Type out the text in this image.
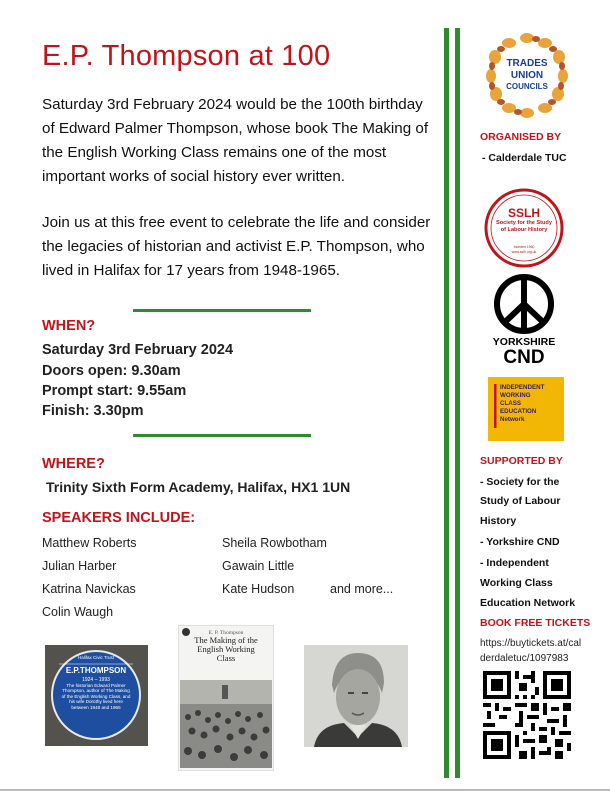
E.P. Thompson at 100
Saturday 3rd February 2024 would be the 100th birthday of Edward Palmer Thompson, whose book The Making of the English Working Class remains one of the most important works of social history ever written.
Join us at this free event to celebrate the life and consider the legacies of historian and activist E.P. Thompson, who lived in Halifax for 17 years from 1948-1965.
WHEN?
Saturday 3rd February 2024
Doors open: 9.30am
Prompt start: 9.55am
Finish: 3.30pm
WHERE?
Trinity Sixth Form Academy, Halifax, HX1 1UN
SPEAKERS INCLUDE:
Matthew Roberts
Julian Harber
Katrina Navickas
Colin Waugh
Sheila Rowbotham
Gawain Little
Kate Hudson	and more...
Halifax Civic Trust
E.P.THOMPSON
1924 – 1993
The historian Edward Palmer Thompson, author of The Making of the English Working Class, and his wife Dorothy lived here between 1948 and 1965
E. P. Thompson
The Making of the English Working Class
TRADES
UNION
COUNCILS
ORGANISED BY
- Calderdale TUC
SSLH
Society for the Study of Labour History
founded 1960
www.sslh.org.uk
YORKSHIRE
CND
INDEPENDENT
WORKING
CLASS
EDUCATION
Network
SUPPORTED BY
- Society for the
Study of Labour
History
- Yorkshire CND
- Independent
Working Class
Education Network
BOOK FREE TICKETS
https://buytickets.at/cal
derdaletuc/1097983
